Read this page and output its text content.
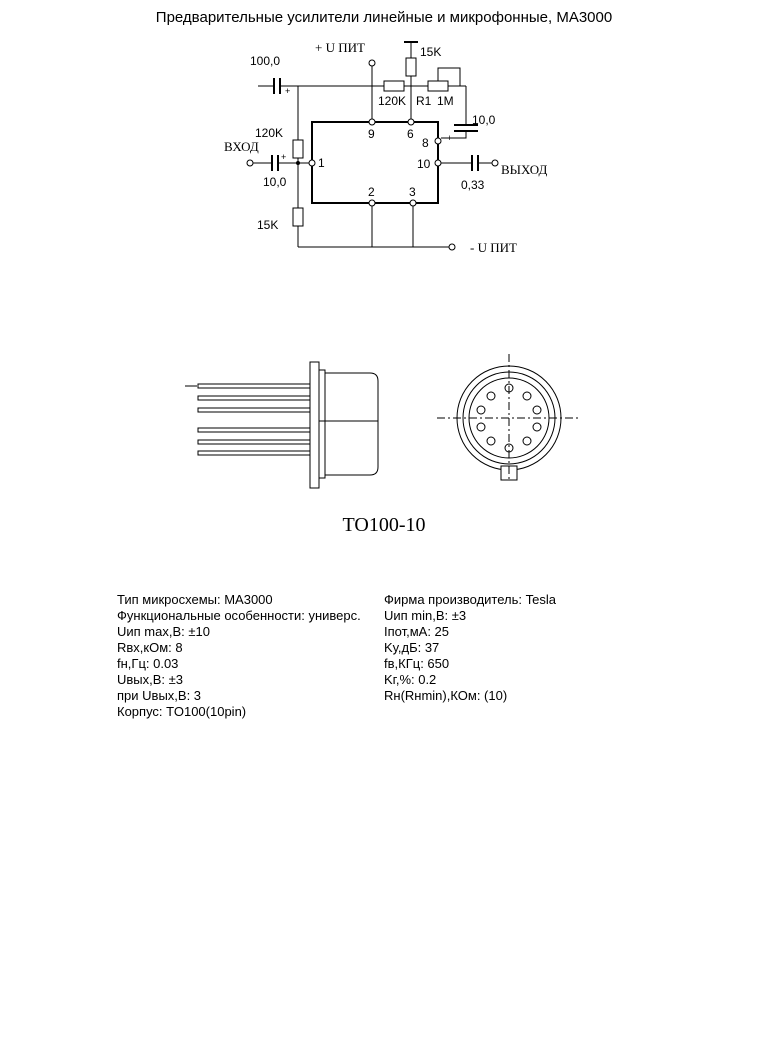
Предварительные усилители линейные и микрофонные, МА3000
+ U ПИТ
- U ПИТ
ВХОД
ВЫХОД
100,0
10,0
10,0
0,33
120K
15K
15K
120K R1 1M
1
2	3
6
8
9
10
+
+
+
TO100-10
Тип микросхемы: МА3000
Функциональные особенности: универс.
Uип max,B: ±10
Rвх,кОм: 8
fн,Гц: 0.03
Uвых,B: ±3
при Uвых,B: 3
Корпус: TO100(10pin)
Фирма производитель: Tesla
Uип min,B: ±3
Iпот,мА: 25
Kу,дБ: 37
fв,КГц: 650
Kг,%: 0.2
Rн(Rнmin),КОм: (10)
